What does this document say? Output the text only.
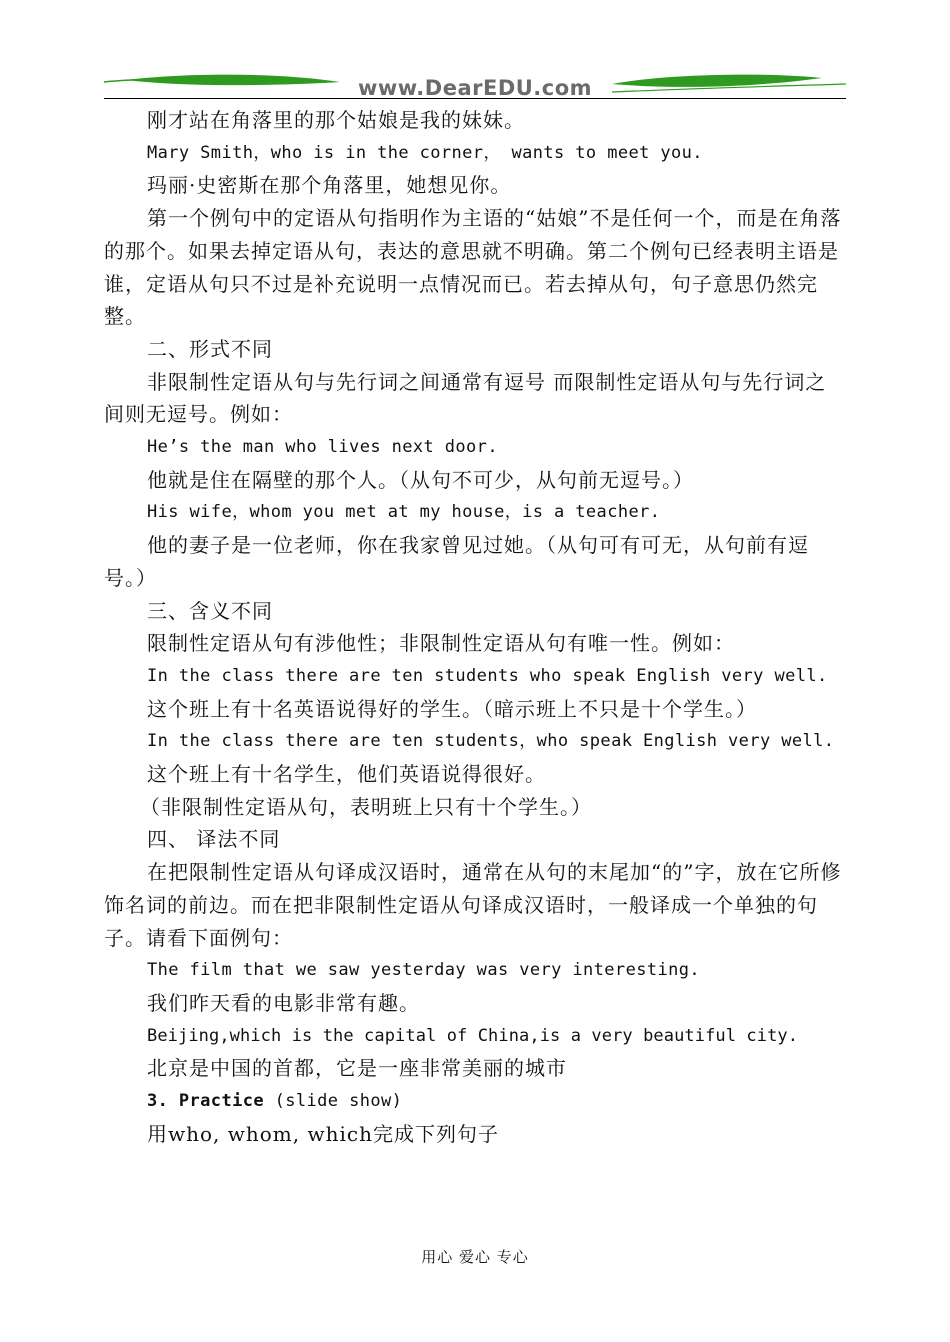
www.DearEDU.com

刚才站在角落里的那个姑娘是我的妹妹。

Mary Smith，who is in the corner， wants to meet you.

玛丽·史密斯在那个角落里，她想见你。

第一个例句中的定语从句指明作为主语的“姑娘”不是任何一个，而是在角落的那个。如果去掉定语从句，表达的意思就不明确。第二个例句已经表明主语是谁，定语从句只不过是补充说明一点情况而已。若去掉从句，句子意思仍然完整。

二、形式不同

非限制性定语从句与先行词之间通常有逗号 而限制性定语从句与先行词之间则无逗号。例如：

He’s the man who lives next door.

他就是住在隔壁的那个人。（从句不可少，从句前无逗号。）

His wife，whom you met at my house，is a teacher.

他的妻子是一位老师，你在我家曾见过她。（从句可有可无，从句前有逗号。）

三、含义不同

限制性定语从句有涉他性；非限制性定语从句有唯一性。例如：

In the class there are ten students who speak English very well.

这个班上有十名英语说得好的学生。（暗示班上不只是十个学生。）

In the class there are ten students，who speak English very well.

这个班上有十名学生，他们英语说得很好。

（非限制性定语从句，表明班上只有十个学生。）

四、 译法不同

在把限制性定语从句译成汉语时，通常在从句的末尾加“的”字，放在它所修饰名词的前边。而在把非限制性定语从句译成汉语时，一般译成一个单独的句子。请看下面例句：

The film that we saw yesterday was very interesting.

我们昨天看的电影非常有趣。

Beijing,which is the capital of China,is a very beautiful city.

北京是中国的首都，它是一座非常美丽的城市

3. Practice (slide show)

用who, whom, which完成下列句子

用心 爱心 专心
